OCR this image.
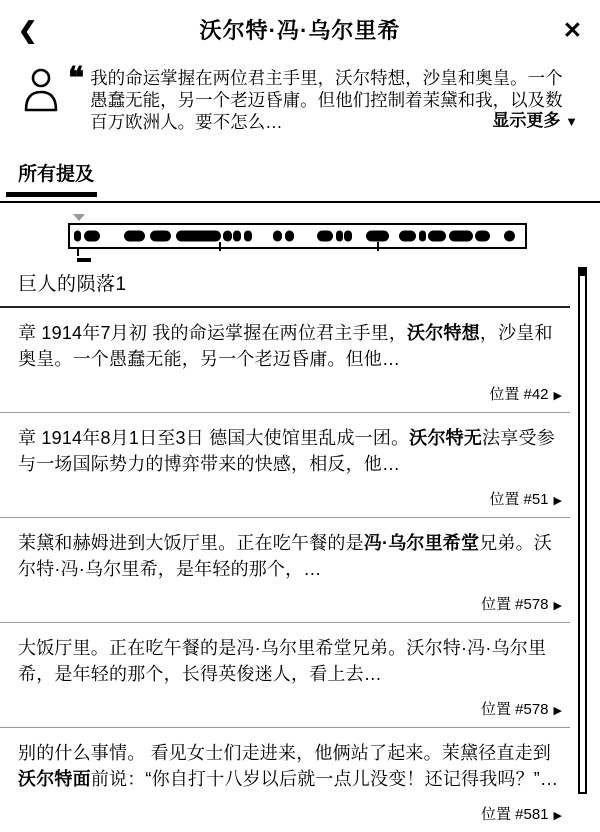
❮	沃尔特·冯·乌尔里希	✕
❝ 我的命运掌握在两位君主手里，沃尔特想，沙皇和奥皇。一个愚蠢无能，另一个老迈昏庸。但他们控制着茉黛和我，以及数百万欧洲人。要不怎么…	显示更多 ▼
所有提及
巨人的陨落1
章 1914年7月初 我的命运掌握在两位君主手里，沃尔特想，沙皇和奥皇。一个愚蠢无能，另一个老迈昏庸。但他…
位置 #42 ▶
章 1914年8月1日至3日 德国大使馆里乱成一团。沃尔特无法享受参与一场国际势力的博弈带来的快感，相反，他…
位置 #51 ▶
茉黛和赫姆进到大饭厅里。正在吃午餐的是冯·乌尔里希堂兄弟。沃尔特·冯·乌尔里希，是年轻的那个，…
位置 #578 ▶
大饭厅里。正在吃午餐的是冯·乌尔里希堂兄弟。沃尔特·冯·乌尔里希，是年轻的那个，长得英俊迷人，看上去…
位置 #578 ▶
别的什么事情。 看见女士们走进来，他俩站了起来。茉黛径直走到沃尔特面前说：“你自打十八岁以后就一点儿没变！还记得我吗？”…
位置 #581 ▶
